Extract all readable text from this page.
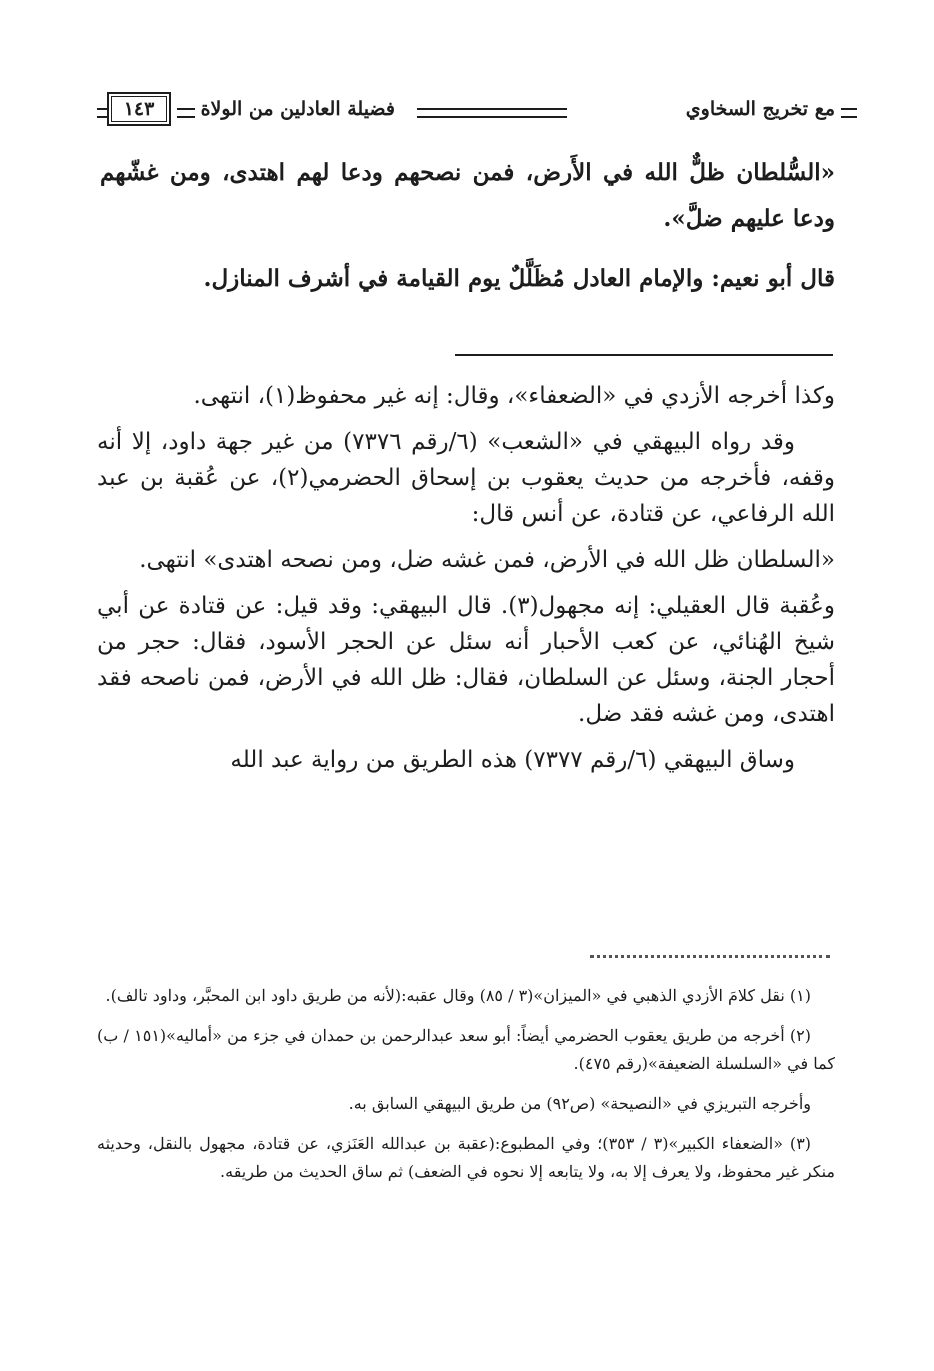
مع تخريج السخاوي
فضيلة العادلين من الولاة
١٤٣

«السُّلطان ظلٌّ الله في الأَرض، فمن نصحهم ودعا لهم اهتدى، ومن غشّهم ودعا عليهم ضلَّ».

قال أبو نعيم: والإمام العادل مُظَلَّلٌ يوم القيامة في أشرف المنازل.

وكذا أخرجه الأزدي في «الضعفاء»، وقال: إنه غير محفوظ(١)، انتهى.

وقد رواه البيهقي في «الشعب» (٦/رقم ٧٣٧٦) من غير جهة داود، إلا أنه وقفه، فأخرجه من حديث يعقوب بن إسحاق الحضرمي(٢)، عن عُقبة بن عبد الله الرفاعي، عن قتادة، عن أنس قال:

«السلطان ظل الله في الأرض، فمن غشه ضل، ومن نصحه اهتدى» انتهى.

وعُقبة قال العقيلي: إنه مجهول(٣). قال البيهقي: وقد قيل: عن قتادة عن أبي شيخ الهُنائي، عن كعب الأحبار أنه سئل عن الحجر الأسود، فقال: حجر من أحجار الجنة، وسئل عن السلطان، فقال: ظل الله في الأرض، فمن ناصحه فقد اهتدى، ومن غشه فقد ضل.

وساق البيهقي (٦/رقم ٧٣٧٧) هذه الطريق من رواية عبد الله

(١) نقل كلامَ الأزدي الذهبي في «الميزان»(٣ / ٨٥) وقال عقبه:(لأنه من طريق داود ابن المحبَّر، وداود تالف).

(٢) أخرجه من طريق يعقوب الحضرمي أيضاً: أبو سعد عبدالرحمن بن حمدان في جزء من «أماليه»(١٥١ / ب) كما في «السلسلة الضعيفة»(رقم ٤٧٥).

وأخرجه التبريزي في «النصيحة» (ص٩٢) من طريق البيهقي السابق به.

(٣) «الضعفاء الكبير»(٣ / ٣٥٣)؛ وفي المطبوع:(عقبة بن عبدالله العَنَزي، عن قتادة، مجهول بالنقل، وحديثه منكر غير محفوظ، ولا يعرف إلا به، ولا يتابعه إلا نحوه في الضعف) ثم ساق الحديث من طريقه.
